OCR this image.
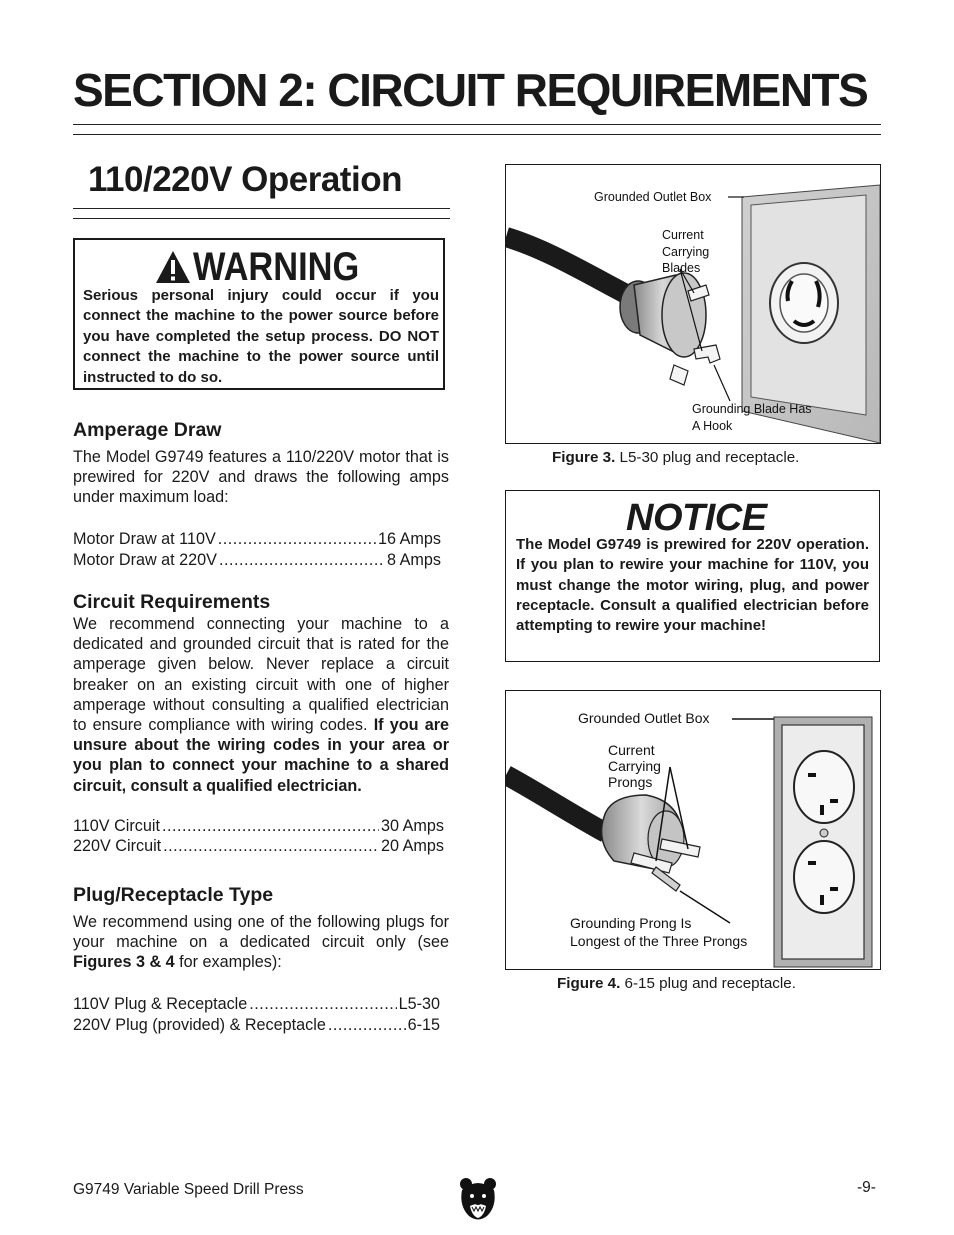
SECTION 2: CIRCUIT REQUIREMENTS
110/220V Operation
WARNING

Serious personal injury could occur if you connect the machine to the power source before you have completed the setup process. DO NOT connect the machine to the power source until instructed to do so.

Amperage Draw

The Model G9749 features a 110/220V motor that is prewired for 220V and draws the following amps under maximum load:

Motor Draw at 110V .....	16 Amps
Motor Draw at 220V .....	8 Amps
Circuit Requirements

We recommend connecting your machine to a dedicated and grounded circuit that is rated for the amperage given below. Never replace a circuit breaker on an existing circuit with one of higher amperage without consulting a qualified electrician to ensure compliance with wiring codes. If you are unsure about the wiring codes in your area or you plan to connect your machine to a shared circuit, consult a qualified electrician.

110V Circuit .....	30 Amps
220V Circuit .....	20 Amps
Plug/Receptacle Type

We recommend using one of the following plugs for your machine on a dedicated circuit only (see Figures 3 & 4 for examples):

110V Plug & Receptacle .....	L5-30
220V Plug (provided) & Receptacle .....	6-15
Grounded Outlet Box
Current
Carrying
Blades
Grounding Blade Has
A Hook
Figure 3. L5-30 plug and receptacle.
NOTICE

The Model G9749 is prewired for 220V operation. If you plan to rewire your machine for 110V, you must change the motor wiring, plug, and power receptacle. Consult a qualified electrician before attempting to rewire your machine!

Grounded Outlet Box
Current
Carrying
Prongs
Grounding Prong Is
Longest of the Three Prongs
Figure 4. 6-15 plug and receptacle.
G9749 Variable Speed Drill Press	-9-
